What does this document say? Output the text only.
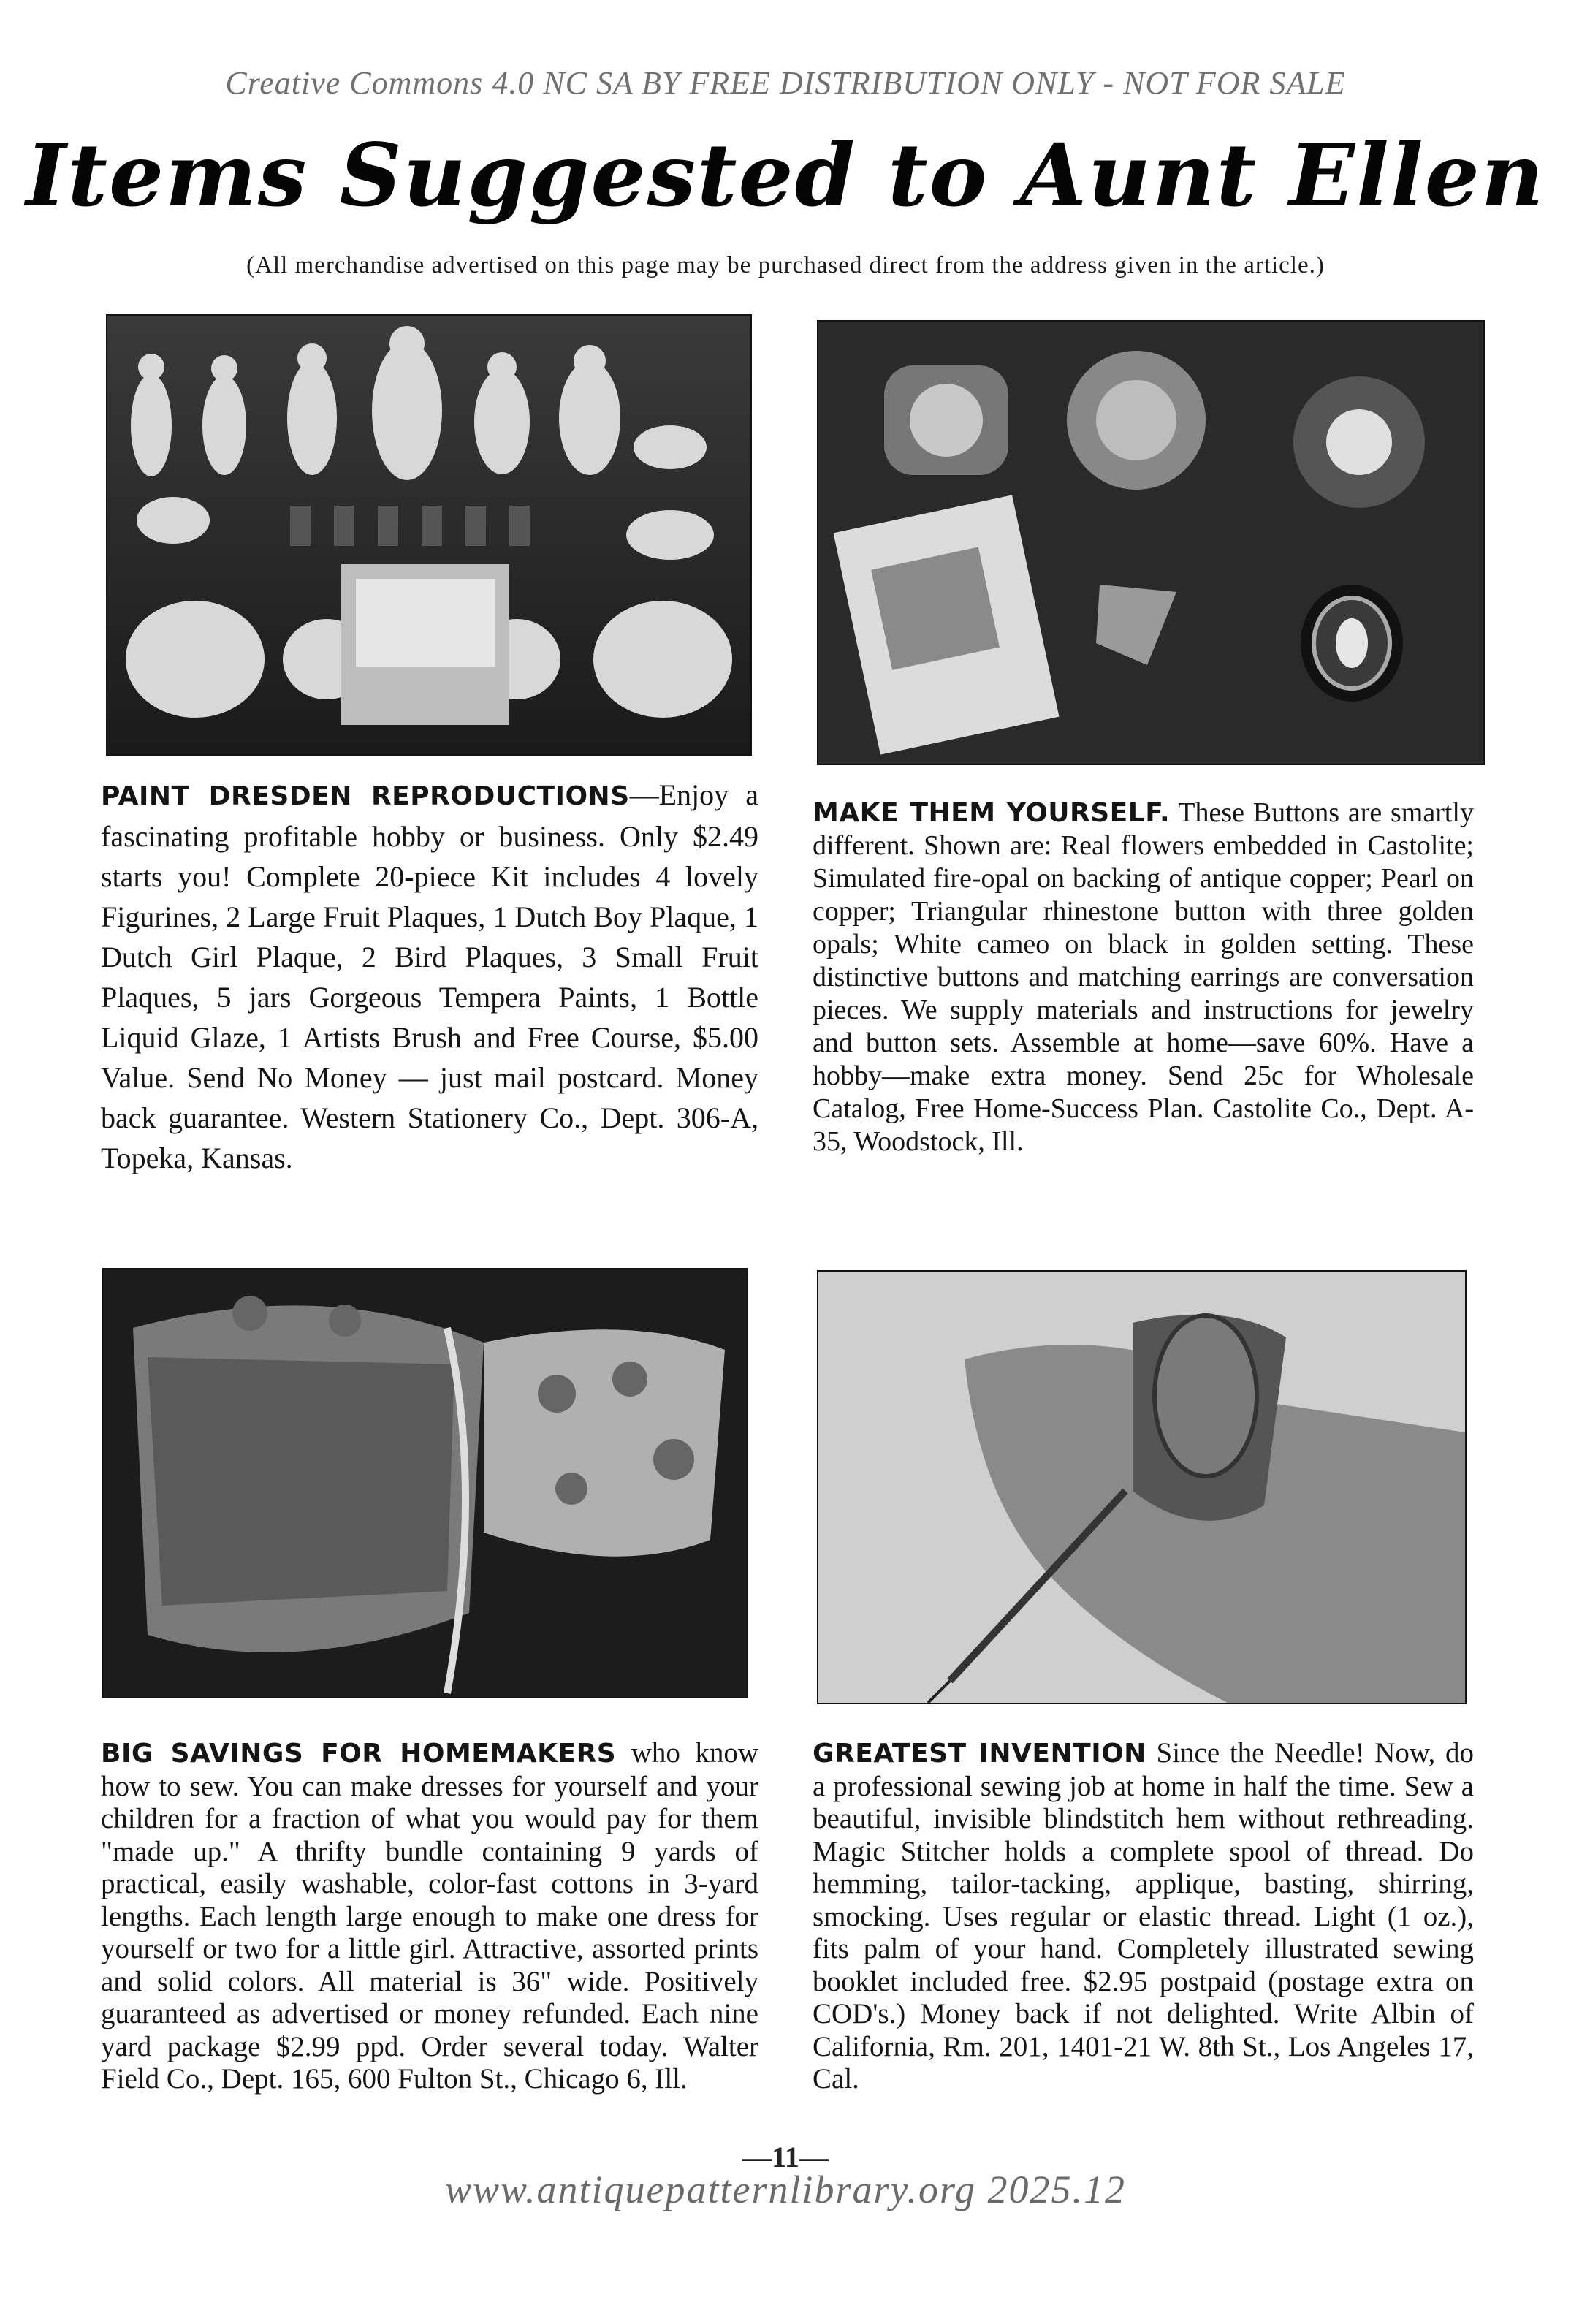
Creative Commons 4.0 NC SA BY FREE DISTRIBUTION ONLY - NOT FOR SALE
Items Suggested to Aunt Ellen
(All merchandise advertised on this page may be purchased direct from the address given in the article.)
PAINT DRESDEN REPRODUCTIONS—Enjoy a fascinating profitable hobby or business. Only $2.49 starts you! Complete 20-piece Kit includes 4 lovely Figurines, 2 Large Fruit Plaques, 1 Dutch Boy Plaque, 1 Dutch Girl Plaque, 2 Bird Plaques, 3 Small Fruit Plaques, 5 jars Gorgeous Tempera Paints, 1 Bottle Liquid Glaze, 1 Artists Brush and Free Course, $5.00 Value. Send No Money — just mail postcard. Money back guarantee. Western Stationery Co., Dept. 306-A, Topeka, Kansas.
MAKE THEM YOURSELF. These Buttons are smartly different. Shown are: Real flowers embedded in Castolite; Simulated fire-opal on backing of antique copper; Pearl on copper; Triangular rhinestone button with three golden opals; White cameo on black in golden setting. These distinctive buttons and matching earrings are conversation pieces. We supply materials and instructions for jewelry and button sets. Assemble at home—save 60%. Have a hobby—make extra money. Send 25c for Wholesale Catalog, Free Home-Success Plan. Castolite Co., Dept. A-35, Woodstock, Ill.
BIG SAVINGS FOR HOMEMAKERS who know how to sew. You can make dresses for yourself and your children for a fraction of what you would pay for them "made up." A thrifty bundle containing 9 yards of practical, easily washable, color-fast cottons in 3-yard lengths. Each length large enough to make one dress for yourself or two for a little girl. Attractive, assorted prints and solid colors. All material is 36" wide. Positively guaranteed as advertised or money refunded. Each nine yard package $2.99 ppd. Order several today. Walter Field Co., Dept. 165, 600 Fulton St., Chicago 6, Ill.
GREATEST INVENTION Since the Needle! Now, do a professional sewing job at home in half the time. Sew a beautiful, invisible blindstitch hem without rethreading. Magic Stitcher holds a complete spool of thread. Do hemming, tailor-tacking, applique, basting, shirring, smocking. Uses regular or elastic thread. Light (1 oz.), fits palm of your hand. Completely illustrated sewing booklet included free. $2.95 postpaid (postage extra on COD's.) Money back if not delighted. Write Albin of California, Rm. 201, 1401-21 W. 8th St., Los Angeles 17, Cal.
—11—
www.antiquepatternlibrary.org 2025.12
